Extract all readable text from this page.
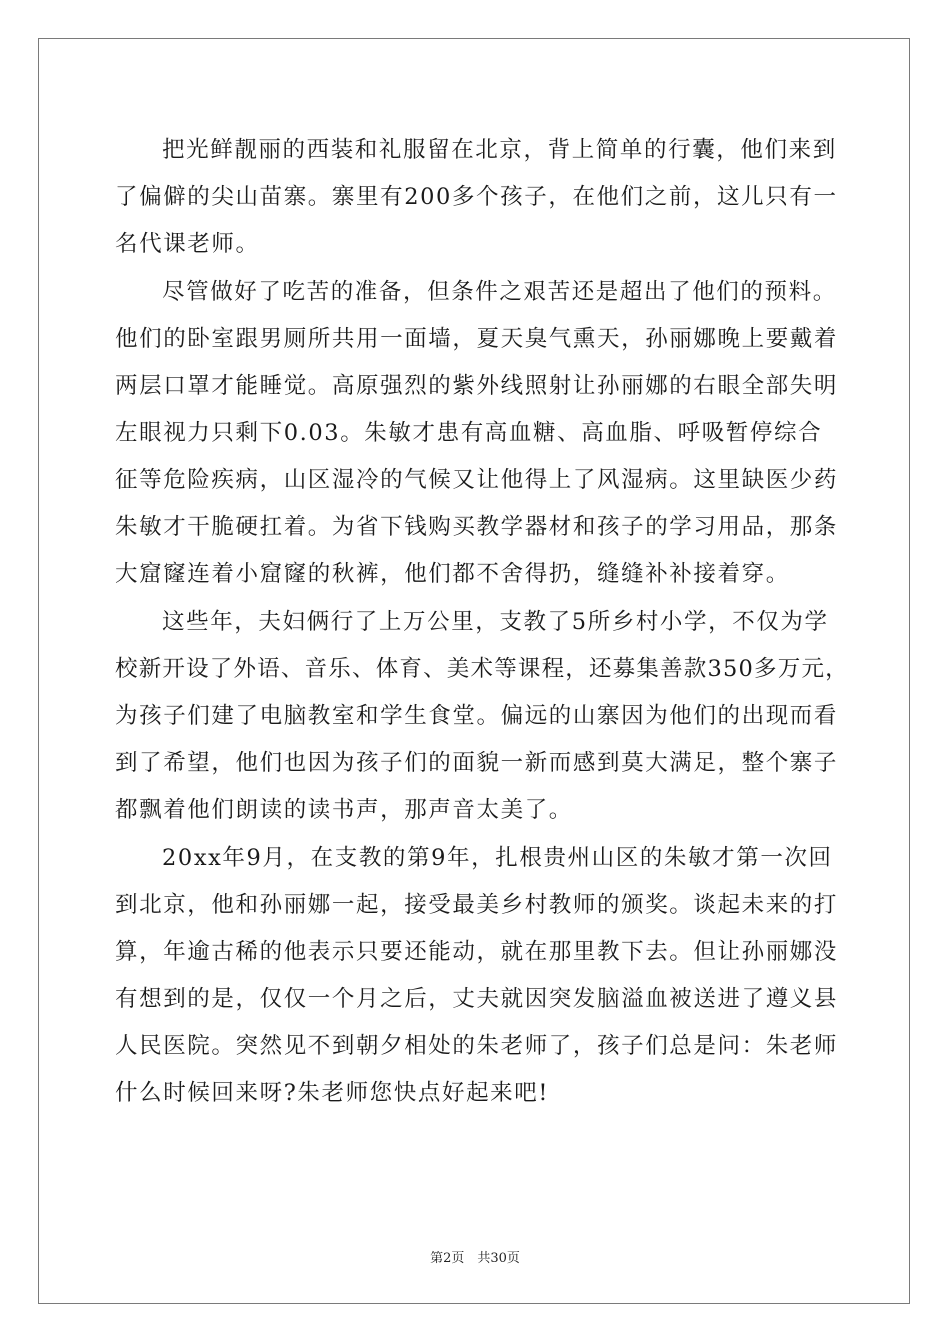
把光鲜靓丽的西装和礼服留在北京，背上简单的行囊，他们来到

了偏僻的尖山苗寨。寨里有200多个孩子，在他们之前，这儿只有一

名代课老师。

尽管做好了吃苦的准备，但条件之艰苦还是超出了他们的预料。

他们的卧室跟男厕所共用一面墙，夏天臭气熏天，孙丽娜晚上要戴着

两层口罩才能睡觉。高原强烈的紫外线照射让孙丽娜的右眼全部失明

左眼视力只剩下0.03。朱敏才患有高血糖、高血脂、呼吸暂停综合

征等危险疾病，山区湿冷的气候又让他得上了风湿病。这里缺医少药

朱敏才干脆硬扛着。为省下钱购买教学器材和孩子的学习用品，那条

大窟窿连着小窟窿的秋裤，他们都不舍得扔，缝缝补补接着穿。

这些年，夫妇俩行了上万公里，支教了5所乡村小学，不仅为学

校新开设了外语、音乐、体育、美术等课程，还募集善款350多万元，

为孩子们建了电脑教室和学生食堂。偏远的山寨因为他们的出现而看

到了希望，他们也因为孩子们的面貌一新而感到莫大满足，整个寨子

都飘着他们朗读的读书声，那声音太美了。

20xx年9月，在支教的第9年，扎根贵州山区的朱敏才第一次回

到北京，他和孙丽娜一起，接受最美乡村教师的颁奖。谈起未来的打

算，年逾古稀的他表示只要还能动，就在那里教下去。但让孙丽娜没

有想到的是，仅仅一个月之后，丈夫就因突发脑溢血被送进了遵义县

人民医院。突然见不到朝夕相处的朱老师了，孩子们总是问：朱老师

什么时候回来呀?朱老师您快点好起来吧!

第2页　共30页
